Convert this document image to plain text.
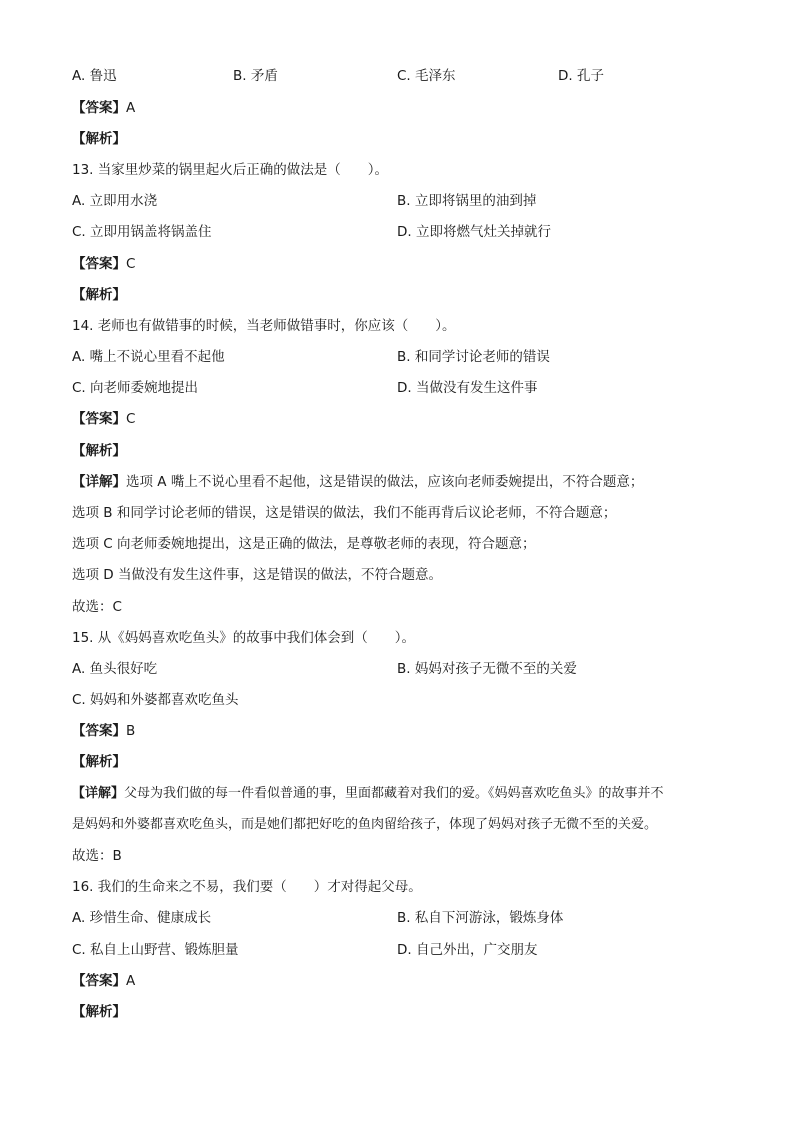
A. 鲁迅	B. 矛盾	C. 毛泽东	D. 孔子
【答案】A
【解析】
13. 当家里炒菜的锅里起火后正确的做法是（　　）。
A. 立即用水浇	B. 立即将锅里的油到掉
C. 立即用锅盖将锅盖住	D. 立即将燃气灶关掉就行
【答案】C
【解析】
14. 老师也有做错事的时候，当老师做错事时，你应该（　　）。
A. 嘴上不说心里看不起他	B. 和同学讨论老师的错误
C. 向老师委婉地提出	D. 当做没有发生这件事
【答案】C
【解析】
【详解】选项 A 嘴上不说心里看不起他，这是错误的做法，应该向老师委婉提出，不符合题意；
选项 B 和同学讨论老师的错误，这是错误的做法，我们不能再背后议论老师，不符合题意；
选项 C 向老师委婉地提出，这是正确的做法，是尊敬老师的表现，符合题意；
选项 D 当做没有发生这件事，这是错误的做法，不符合题意。
故选：C
15. 从《妈妈喜欢吃鱼头》的故事中我们体会到（　　）。
A. 鱼头很好吃	B. 妈妈对孩子无微不至的关爱
C. 妈妈和外婆都喜欢吃鱼头
【答案】B
【解析】
【详解】父母为我们做的每一件看似普通的事，里面都藏着对我们的爱。《妈妈喜欢吃鱼头》的故事并不
是妈妈和外婆都喜欢吃鱼头，而是她们都把好吃的鱼肉留给孩子，体现了妈妈对孩子无微不至的关爱。
故选：B
16. 我们的生命来之不易，我们要（　　）才对得起父母。
A. 珍惜生命、健康成长	B. 私自下河游泳，锻炼身体
C. 私自上山野营、锻炼胆量	D. 自己外出，广交朋友
【答案】A
【解析】
